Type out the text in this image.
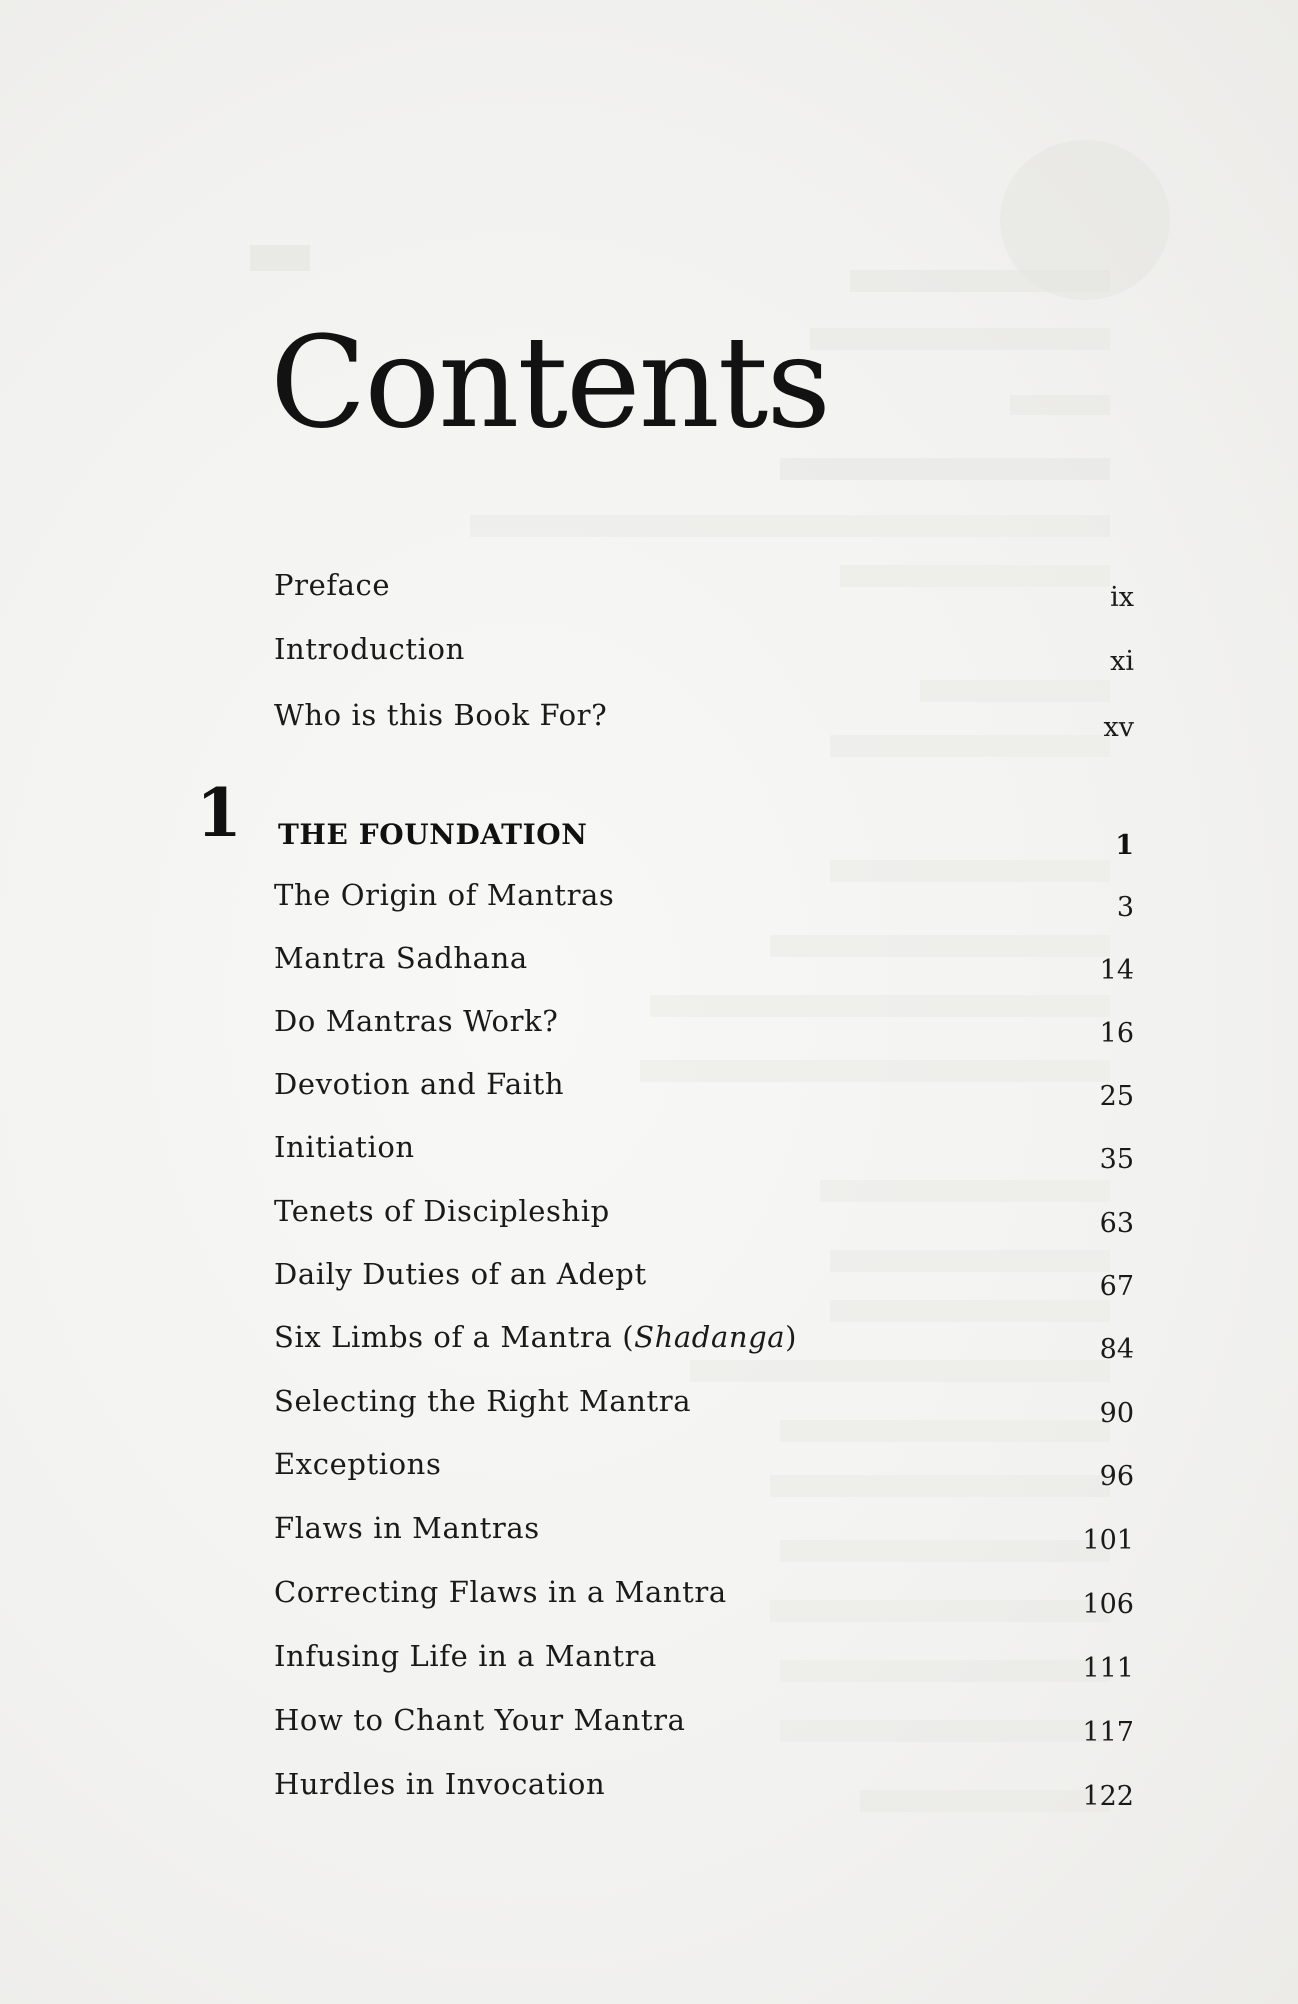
Contents
Preface	ix
Introduction	xi
Who is this Book For?	xv
1 THE FOUNDATION	1
The Origin of Mantras	3
Mantra Sadhana	14
Do Mantras Work?	16
Devotion and Faith	25
Initiation	35
Tenets of Discipleship	63
Daily Duties of an Adept	67
Six Limbs of a Mantra (Shadanga)	84
Selecting the Right Mantra	90
Exceptions	96
Flaws in Mantras	101
Correcting Flaws in a Mantra	106
Infusing Life in a Mantra	111
How to Chant Your Mantra	117
Hurdles in Invocation	122
